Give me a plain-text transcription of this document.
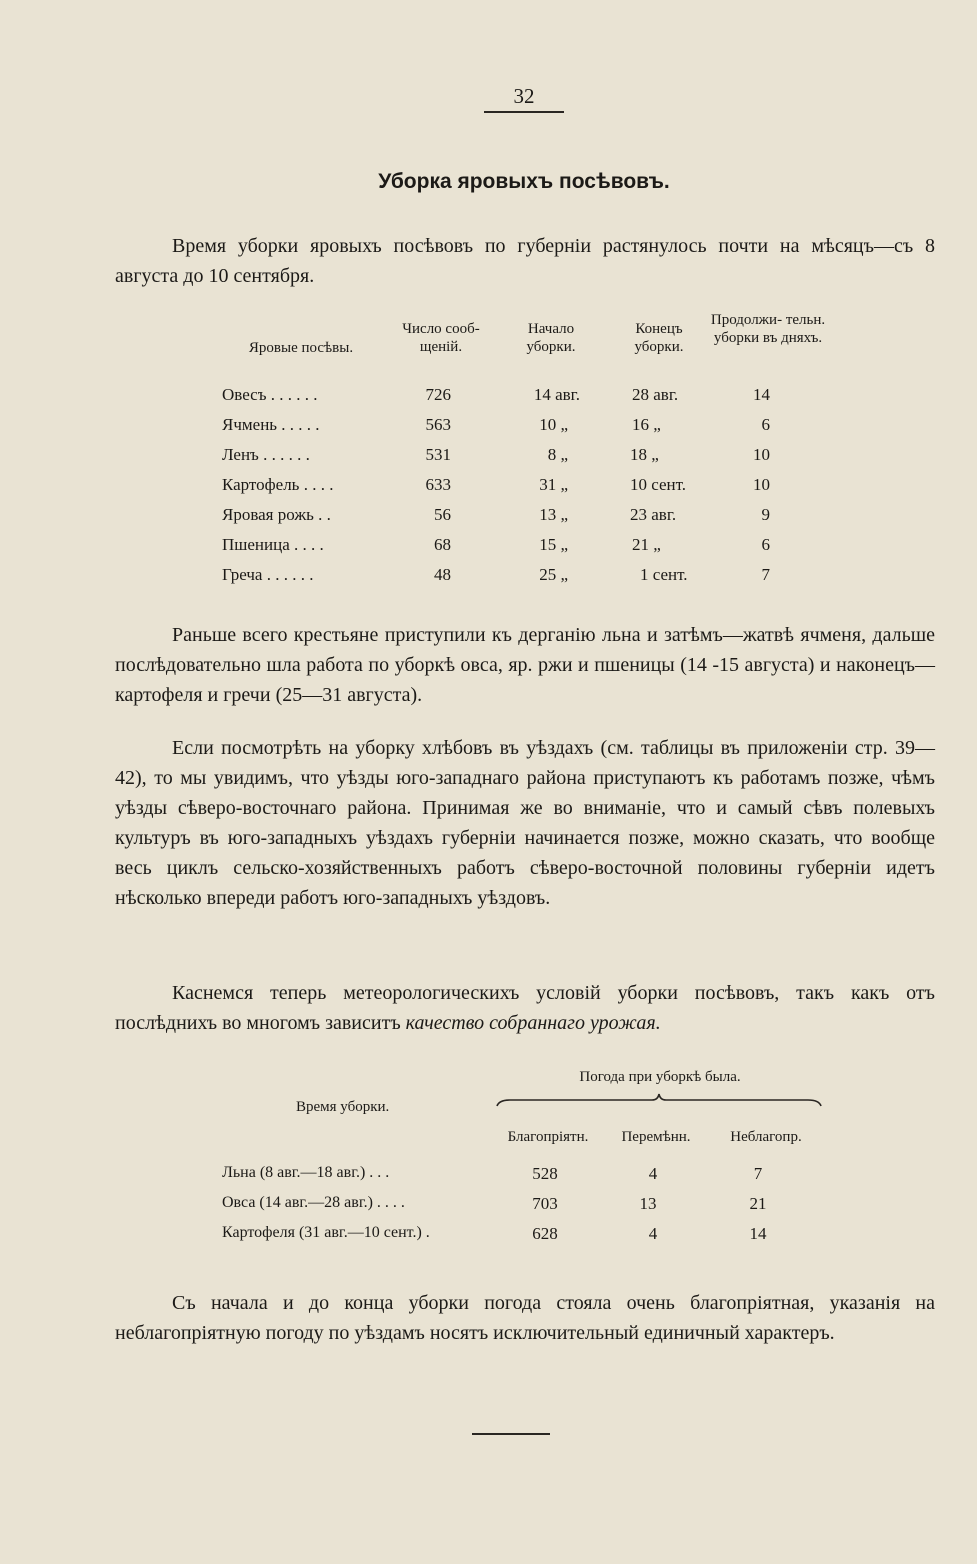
32
Уборка яровыхъ посѣвовъ.

Время уборки яровыхъ посѣвовъ по губерніи растянулось почти на мѣсяцъ—съ 8 августа до 10 сентября.

Яровые посѣвы.
Число сооб- щеній.
Начало уборки.
Конецъ уборки.
Продолжи- тельн. уборки въ дняхъ.
Овесъ . . . . . .	726	14 авг.	28 авг.	14
Ячмень . . . . .	563	10 „	16 „	6
Ленъ . . . . . .	531	8 „	18 „	10
Картофель . . . .	633	31 „	10 сент.	10
Яровая рожь . .	56	13 „	23 авг.	9
Пшеница . . . .	68	15 „	21 „	6
Греча . . . . . .	48	25 „	1 сент.	7

Раньше всего крестьяне приступили къ дерганію льна и затѣмъ—жатвѣ ячменя, дальше послѣдовательно шла работа по уборкѣ овса, яр. ржи и пшеницы (14 -15 августа) и наконецъ—картофеля и гречи (25—31 августа).

Если посмотрѣть на уборку хлѣбовъ въ уѣздахъ (см. таблицы въ приложеніи стр. 39—42), то мы увидимъ, что уѣзды юго-западнаго района приступаютъ къ работамъ позже, чѣмъ уѣзды сѣверо-восточнаго района. Принимая же во вниманіе, что и самый сѣвъ полевыхъ культуръ въ юго-западныхъ уѣздахъ губерніи начинается позже, можно сказать, что вообще весь циклъ сельско-хозяйственныхъ работъ сѣверо-восточной половины губерніи идетъ нѣсколько впереди работъ юго-западныхъ уѣздовъ.

Каснемся теперь метеорологическихъ условій уборки посѣвовъ, такъ какъ отъ послѣднихъ во многомъ зависитъ качество собраннаго урожая.

Погода при уборкѣ была.
Время уборки.
Благопріятн.	Перемѣнн.	Неблагопр.
Льна (8 авг.—18 авг.) . . .	528	4	7
Овса (14 авг.—28 авг.) . . . .	703	13	21
Картофеля (31 авг.—10 сент.) .	628	4	14

Съ начала и до конца уборки погода стояла очень благопріятная, указанія на неблагопріятную погоду по уѣздамъ носятъ исключительный единичный характеръ.
